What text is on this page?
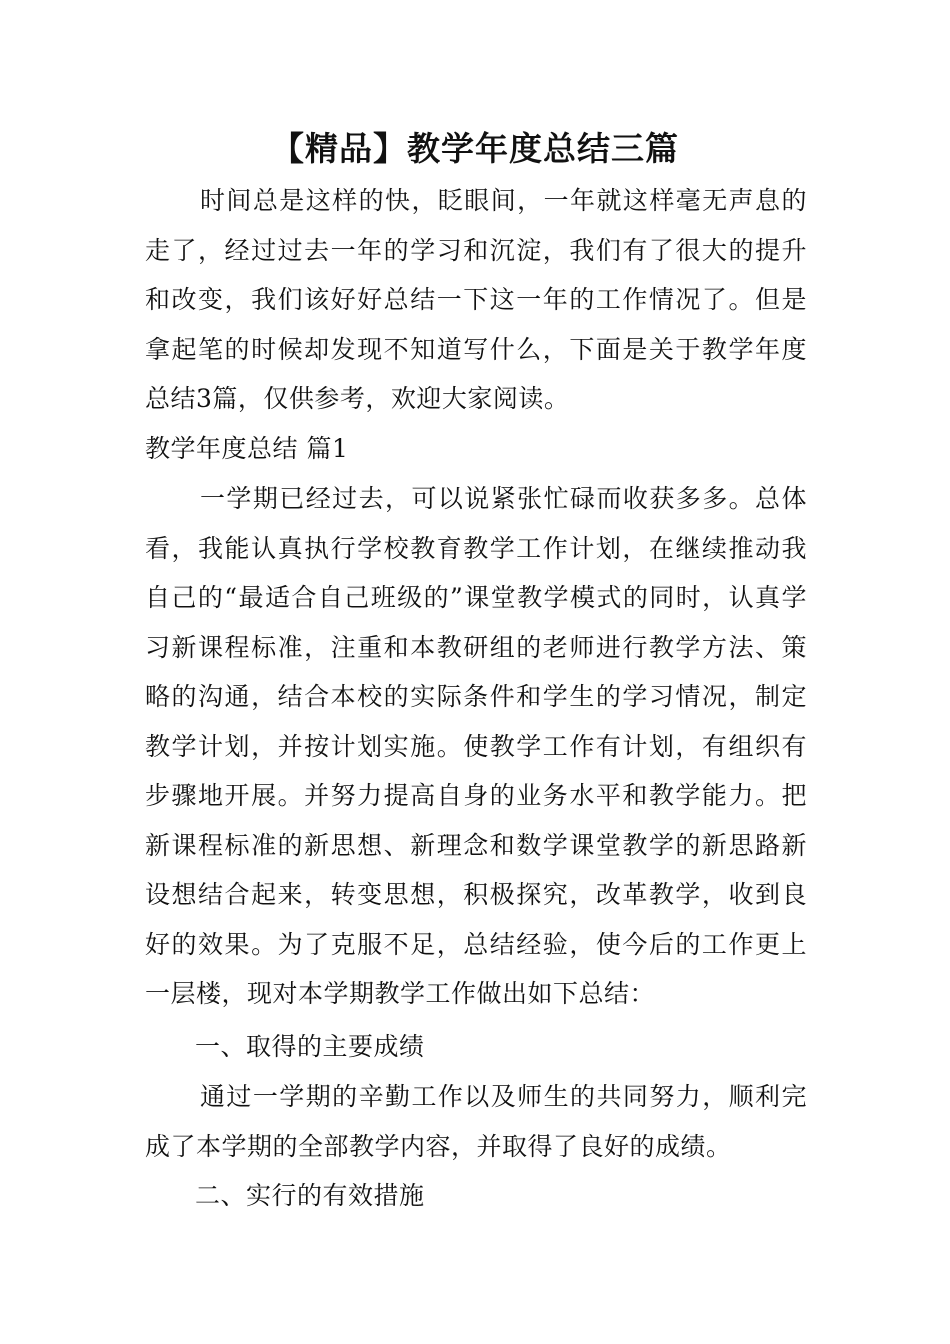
【精品】教学年度总结三篇

时间总是这样的快，眨眼间，一年就这样毫无声息的走了，经过过去一年的学习和沉淀，我们有了很大的提升和改变，我们该好好总结一下这一年的工作情况了。但是拿起笔的时候却发现不知道写什么，下面是关于教学年度总结3篇，仅供参考，欢迎大家阅读。

教学年度总结 篇1

一学期已经过去，可以说紧张忙碌而收获多多。总体看，我能认真执行学校教育教学工作计划，在继续推动我自己的“最适合自己班级的”课堂教学模式的同时，认真学习新课程标准，注重和本教研组的老师进行教学方法、策略的沟通，结合本校的实际条件和学生的学习情况，制定教学计划，并按计划实施。使教学工作有计划，有组织有步骤地开展。并努力提高自身的业务水平和教学能力。把新课程标准的新思想、新理念和数学课堂教学的新思路新设想结合起来，转变思想，积极探究，改革教学，收到良好的效果。为了克服不足，总结经验，使今后的工作更上一层楼，现对本学期教学工作做出如下总结：

一、取得的主要成绩

通过一学期的辛勤工作以及师生的共同努力，顺利完成了本学期的全部教学内容，并取得了良好的成绩。

二、实行的有效措施
